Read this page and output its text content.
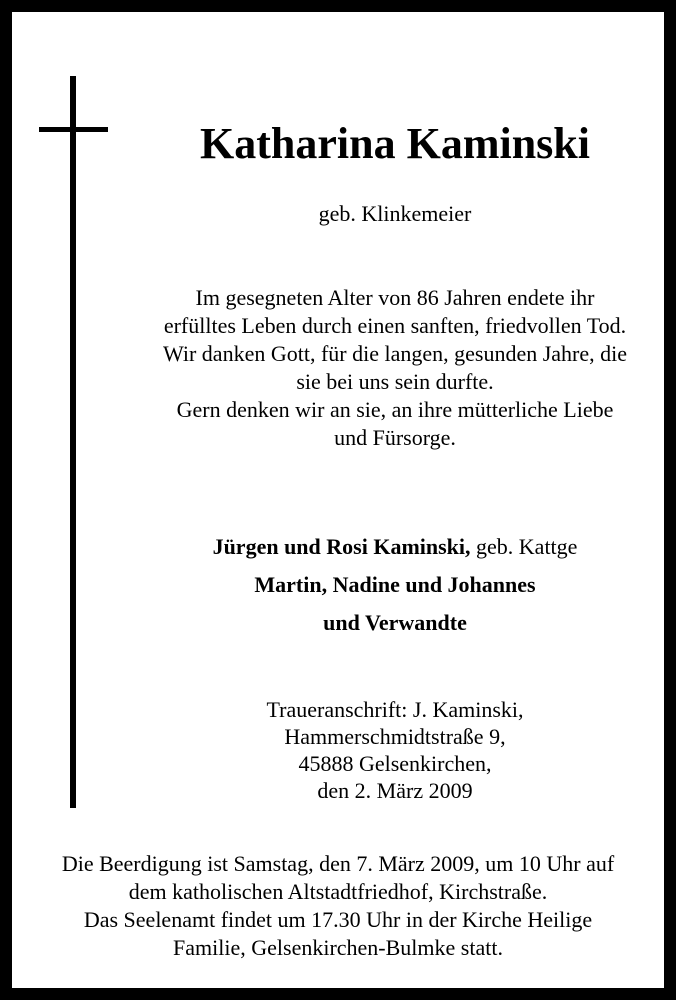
Katharina Kaminski
geb. Klinkemeier
Im gesegneten Alter von 86 Jahren endete ihr
erfülltes Leben durch einen sanften, friedvollen Tod.
Wir danken Gott, für die langen, gesunden Jahre, die
sie bei uns sein durfte.
Gern denken wir an sie, an ihre mütterliche Liebe
und Fürsorge.
Jürgen und Rosi Kaminski, geb. Kattge
Martin, Nadine und Johannes
und Verwandte
Traueranschrift: J. Kaminski,
Hammerschmidtstraße 9,
45888 Gelsenkirchen,
den 2. März 2009
Die Beerdigung ist Samstag, den 7. März 2009, um 10 Uhr auf
dem katholischen Altstadtfriedhof, Kirchstraße.
Das Seelenamt findet um 17.30 Uhr in der Kirche Heilige
Familie, Gelsenkirchen-Bulmke statt.
